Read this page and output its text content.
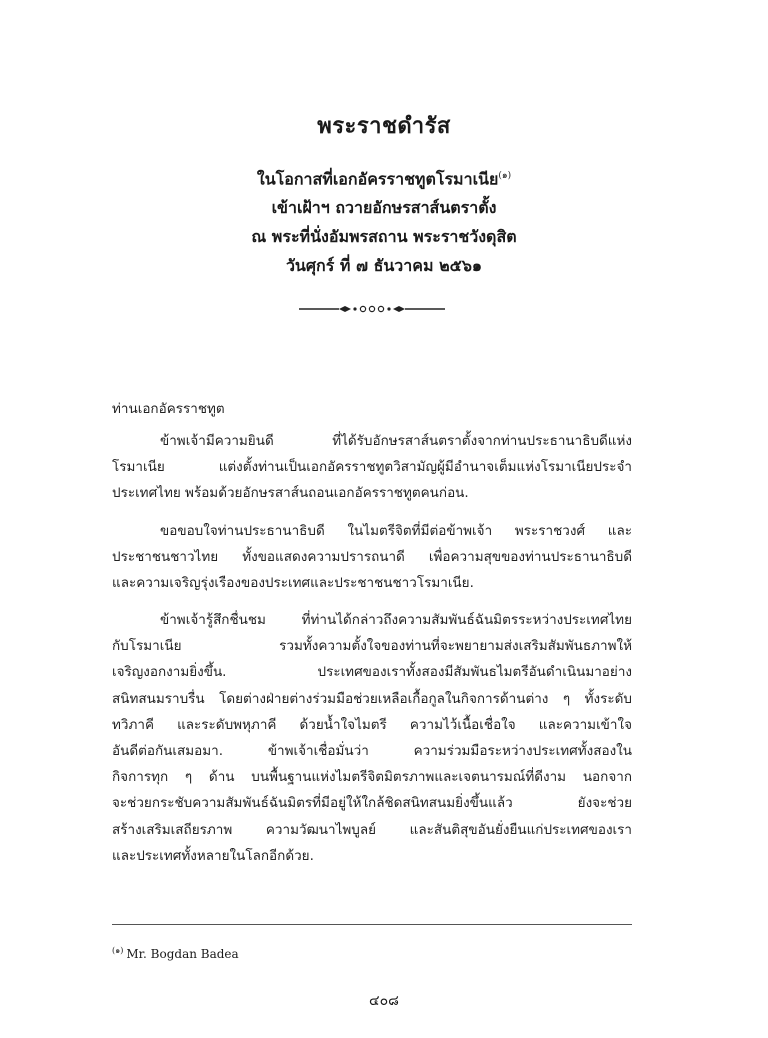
พระราชดำรัส
ในโอกาสที่เอกอัครราชทูตโรมาเนีย$^{(๑)}$
เข้าเฝ้าฯ ถวายอักษรสาส์นตราตั้ง
ณ พระที่นั่งอัมพรสถาน พระราชวังดุสิต
วันศุกร์ ที่ ๗ ธันวาคม ๒๕๖๑
ท่านเอกอัครราชทูต
ข้าพเจ้ามีความยินดี ที่ได้รับอักษรสาส์นตราตั้งจากท่านประธานาธิบดีแห่ง
โรมาเนีย แต่งตั้งท่านเป็นเอกอัครราชทูตวิสามัญผู้มีอำนาจเต็มแห่งโรมาเนียประจำ
ประเทศไทย พร้อมด้วยอักษรสาส์นถอนเอกอัครราชทูตคนก่อน.
ขอขอบใจท่านประธานาธิบดี ในไมตรีจิตที่มีต่อข้าพเจ้า พระราชวงศ์ และ
ประชาชนชาวไทย ทั้งขอแสดงความปรารถนาดี เพื่อความสุขของท่านประธานาธิบดี
และความเจริญรุ่งเรืองของประเทศและประชาชนชาวโรมาเนีย.
ข้าพเจ้ารู้สึกชื่นชม ที่ท่านได้กล่าวถึงความสัมพันธ์ฉันมิตรระหว่างประเทศไทย
กับโรมาเนีย รวมทั้งความตั้งใจของท่านที่จะพยายามส่งเสริมสัมพันธภาพให้
เจริญงอกงามยิ่งขึ้น. ประเทศของเราทั้งสองมีสัมพันธไมตรีอันดำเนินมาอย่าง
สนิทสนมราบรื่น โดยต่างฝ่ายต่างร่วมมือช่วยเหลือเกื้อกูลในกิจการด้านต่าง ๆ ทั้งระดับ
ทวิภาคี และระดับพหุภาคี ด้วยน้ำใจไมตรี ความไว้เนื้อเชื่อใจ และความเข้าใจ
อันดีต่อกันเสมอมา. ข้าพเจ้าเชื่อมั่นว่า ความร่วมมือระหว่างประเทศทั้งสองใน
กิจการทุก ๆ ด้าน บนพื้นฐานแห่งไมตรีจิตมิตรภาพและเจตนารมณ์ที่ดีงาม นอกจาก
จะช่วยกระชับความสัมพันธ์ฉันมิตรที่มีอยู่ให้ใกล้ชิดสนิทสนมยิ่งขึ้นแล้ว ยังจะช่วย
สร้างเสริมเสถียรภาพ ความวัฒนาไพบูลย์ และสันติสุขอันยั่งยืนแก่ประเทศของเรา
และประเทศทั้งหลายในโลกอีกด้วย.
$^{(๑)}$ Mr. Bogdan Badea
๔๐๘
